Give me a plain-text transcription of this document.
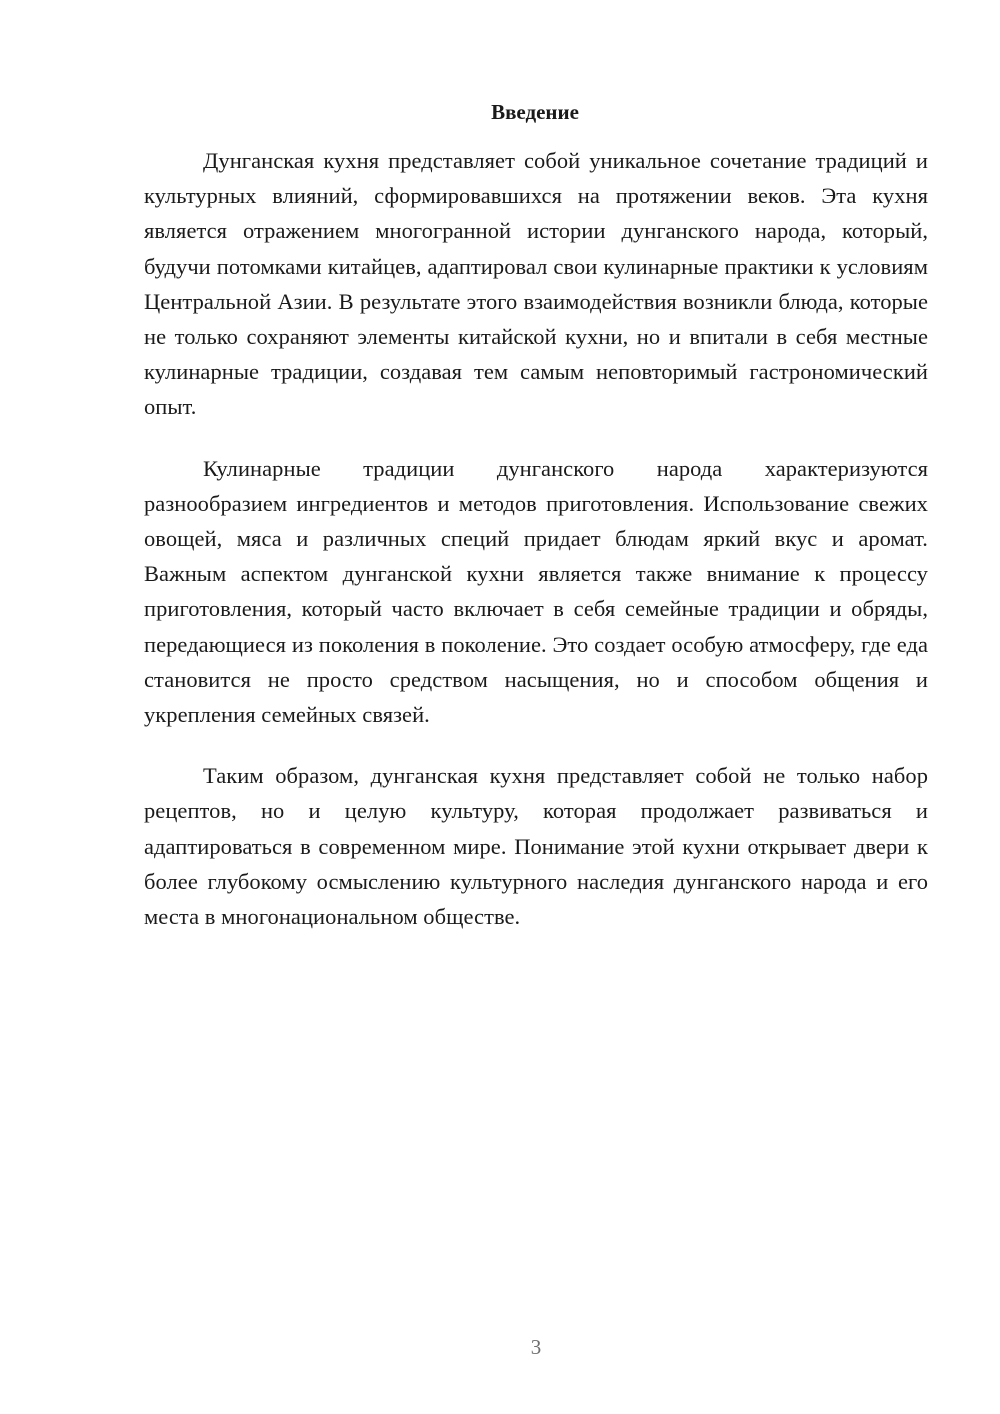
Введение

Дунганская кухня представляет собой уникальное сочетание традиций и культурных влияний, сформировавшихся на протяжении веков. Эта кухня является отражением многогранной истории дунганского народа, который, будучи потомками китайцев, адаптировал свои кулинарные практики к условиям Центральной Азии. В результате этого взаимодействия возникли блюда, которые не только сохраняют элементы китайской кухни, но и впитали в себя местные кулинарные традиции, создавая тем самым неповторимый гастрономический опыт.

Кулинарные традиции дунганского народа характеризуются разнообразием ингредиентов и методов приготовления. Использование свежих овощей, мяса и различных специй придает блюдам яркий вкус и аромат. Важным аспектом дунганской кухни является также внимание к процессу приготовления, который часто включает в себя семейные традиции и обряды, передающиеся из поколения в поколение. Это создает особую атмосферу, где еда становится не просто средством насыщения, но и способом общения и укрепления семейных связей.

Таким образом, дунганская кухня представляет собой не только набор рецептов, но и целую культуру, которая продолжает развиваться и адаптироваться в современном мире. Понимание этой кухни открывает двери к более глубокому осмыслению культурного наследия дунганского народа и его места в многонациональном обществе.

3
